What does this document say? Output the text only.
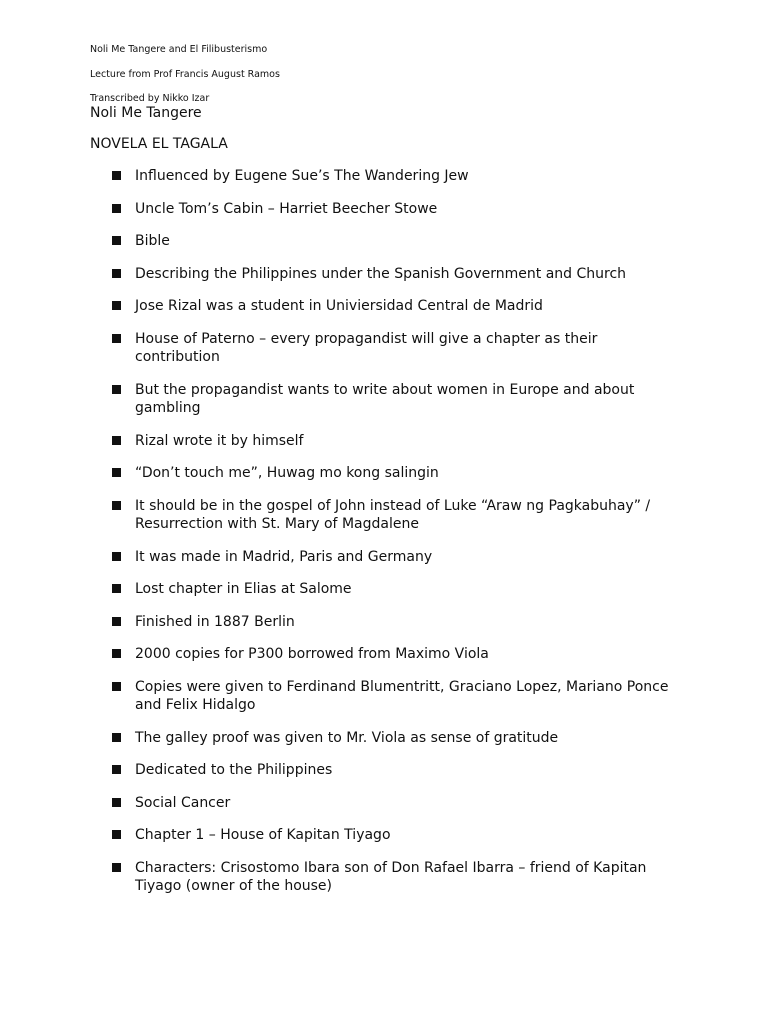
Noli Me Tangere and El Filibusterismo
Lecture from Prof Francis August Ramos
Transcribed by Nikko Izar
Noli Me Tangere
NOVELA EL TAGALA
Influenced by Eugene Sue’s The Wandering Jew
Uncle Tom’s Cabin – Harriet Beecher Stowe
Bible
Describing the Philippines under the Spanish Government and Church
Jose Rizal was a student in Univiersidad Central de Madrid
House of Paterno – every propagandist will give a chapter as their contribution
But the propagandist wants to write about women in Europe and about gambling
Rizal wrote it by himself
“Don’t touch me”, Huwag mo kong salingin
It should be in the gospel of John instead of Luke “Araw ng Pagkabuhay” / Resurrection with St. Mary of Magdalene
It was made in Madrid, Paris and Germany
Lost chapter in Elias at Salome
Finished in 1887 Berlin
2000 copies for P300 borrowed from Maximo Viola
Copies were given to Ferdinand Blumentritt, Graciano Lopez, Mariano Ponce and Felix Hidalgo
The galley proof was given to Mr. Viola as sense of gratitude
Dedicated to the Philippines
Social Cancer
Chapter 1 – House of Kapitan Tiyago
Characters: Crisostomo Ibara son of Don Rafael Ibarra – friend of Kapitan Tiyago (owner of the house)
